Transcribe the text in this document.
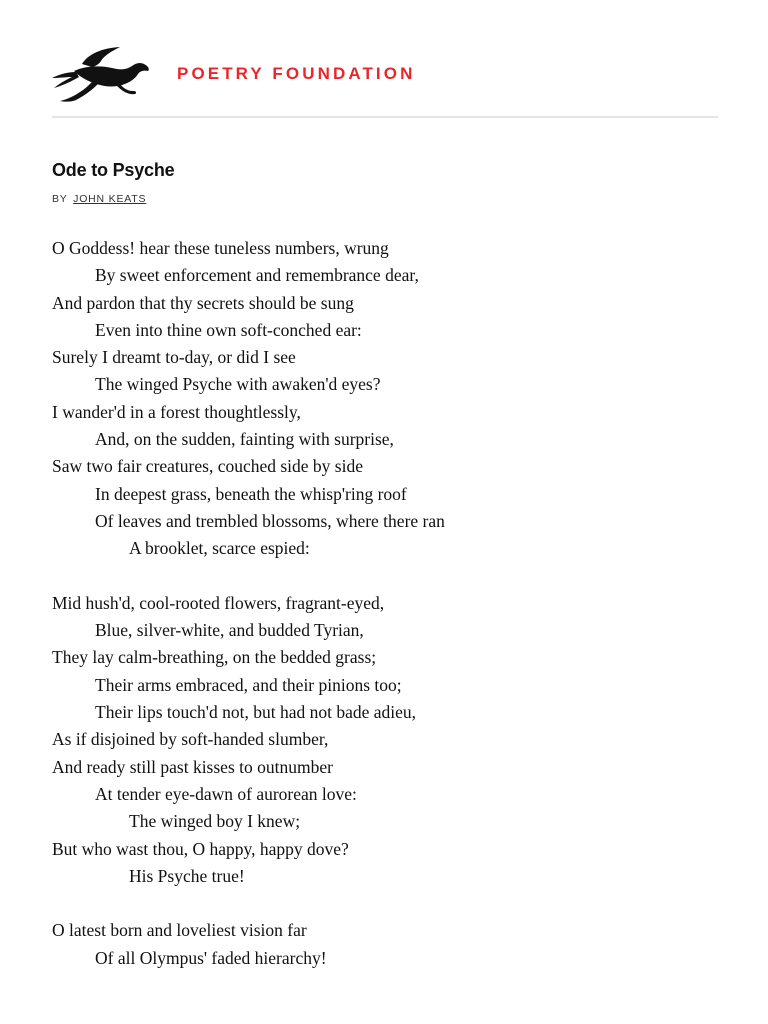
POETRY FOUNDATION
Ode to Psyche
BY JOHN KEATS
O Goddess! hear these tuneless numbers, wrung
By sweet enforcement and remembrance dear,
And pardon that thy secrets should be sung
Even into thine own soft-conched ear:
Surely I dreamt to-day, or did I see
The winged Psyche with awaken'd eyes?
I wander'd in a forest thoughtlessly,
And, on the sudden, fainting with surprise,
Saw two fair creatures, couched side by side
In deepest grass, beneath the whisp'ring roof
Of leaves and trembled blossoms, where there ran
A brooklet, scarce espied:
Mid hush'd, cool-rooted flowers, fragrant-eyed,
Blue, silver-white, and budded Tyrian,
They lay calm-breathing, on the bedded grass;
Their arms embraced, and their pinions too;
Their lips touch'd not, but had not bade adieu,
As if disjoined by soft-handed slumber,
And ready still past kisses to outnumber
At tender eye-dawn of aurorean love:
The winged boy I knew;
But who wast thou, O happy, happy dove?
His Psyche true!
O latest born and loveliest vision far
Of all Olympus' faded hierarchy!
